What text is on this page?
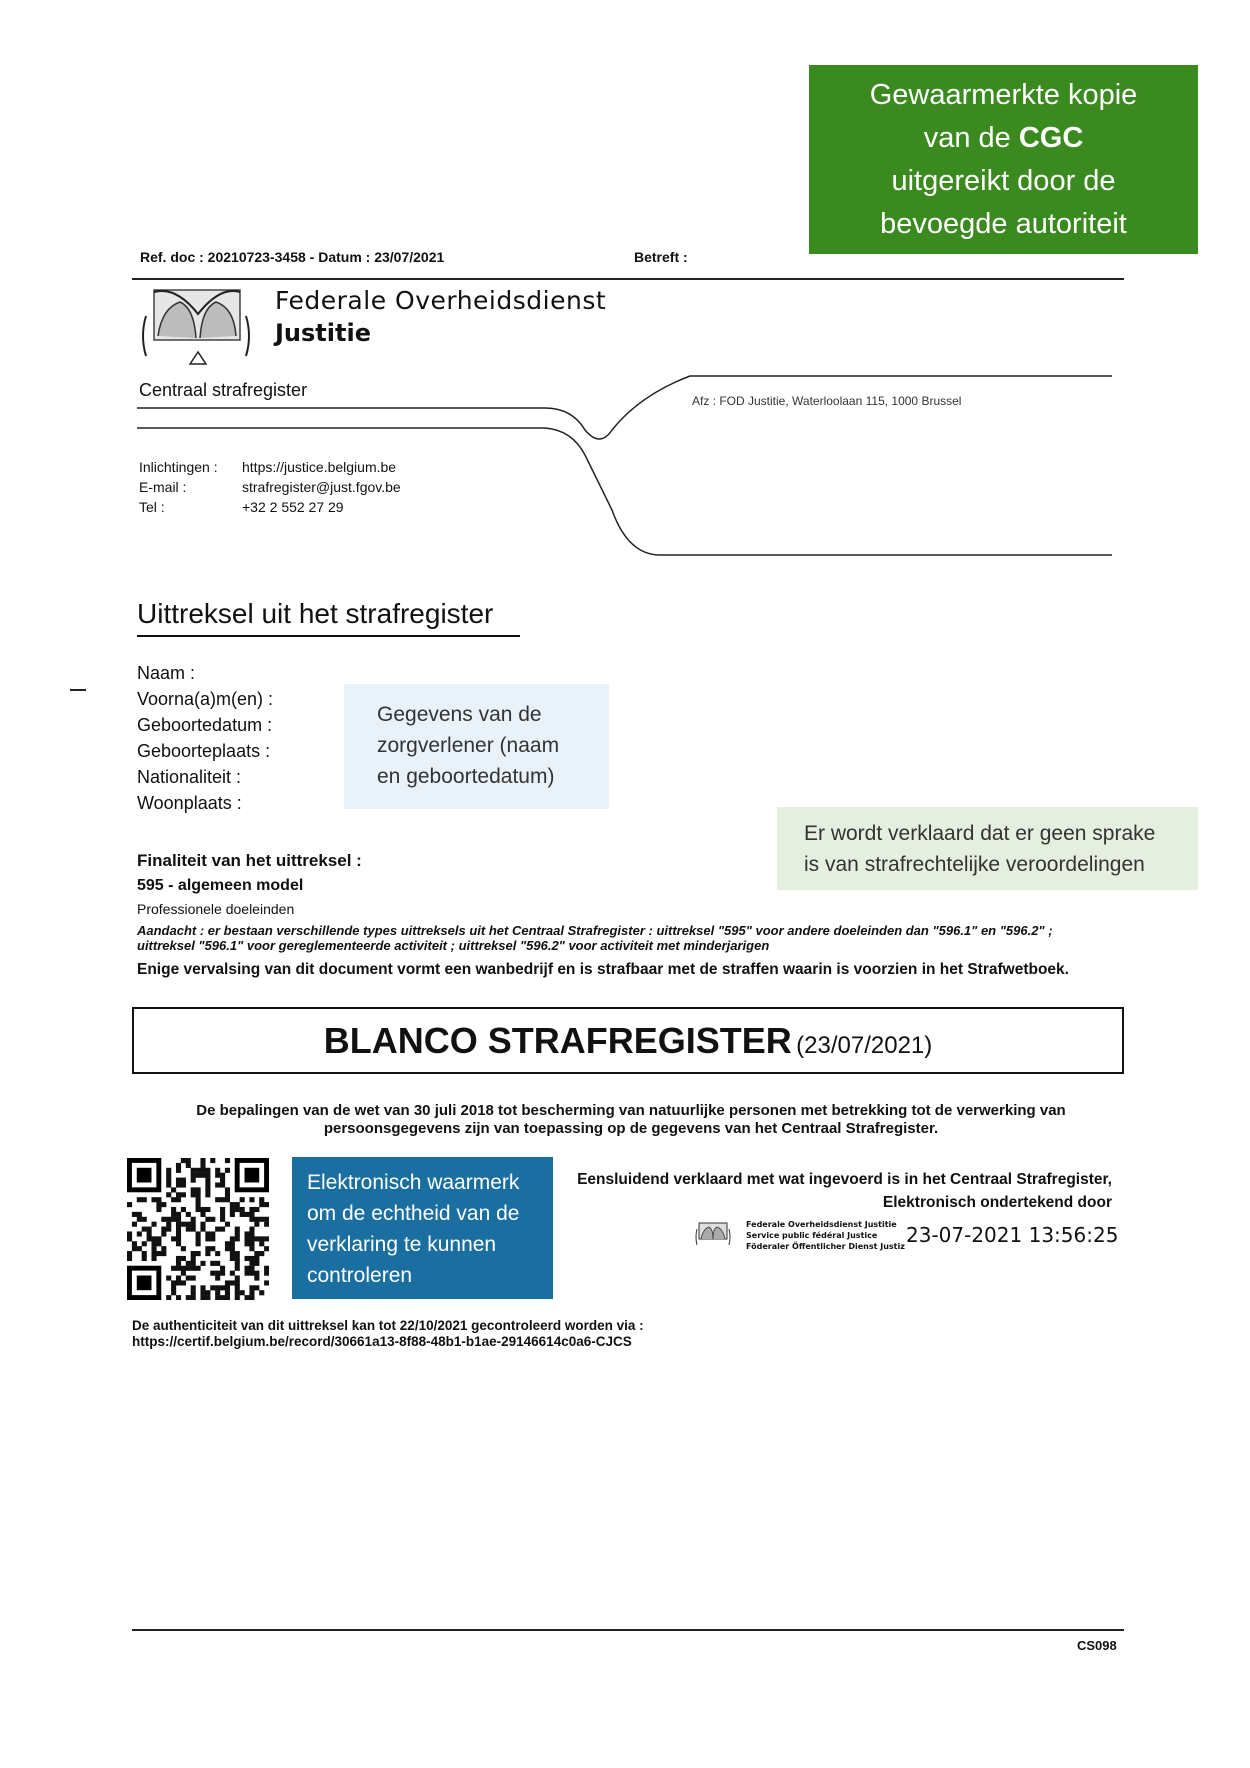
Gewaarmerkte kopie
van de CGC
uitgereikt door de
bevoegde autoriteit
Ref. doc : 20210723-3458 - Datum : 23/07/2021	Betreft :
Federale Overheidsdienst
Justitie
Centraal strafregister
Afz : FOD Justitie, Waterloolaan 115, 1000 Brussel
Inlichtingen : https://justice.belgium.be
E-mail :	strafregister@just.fgov.be
Tel :	+32 2 552 27 29
Uittreksel uit het strafregister
Naam :
Voorna(a)m(en) :
Geboortedatum :
Geboorteplaats :
Nationaliteit :
Woonplaats :
Gegevens van de
zorgverlener (naam
en geboortedatum)
Er wordt verklaard dat er geen sprake
is van strafrechtelijke veroordelingen
Finaliteit van het uittreksel :
595 - algemeen model
Professionele doeleinden
Aandacht : er bestaan verschillende types uittreksels uit het Centraal Strafregister : uittreksel "595" voor andere doeleinden dan "596.1" en "596.2" ;
uittreksel "596.1" voor gereglementeerde activiteit ; uittreksel "596.2" voor activiteit met minderjarigen
Enige vervalsing van dit document vormt een wanbedrijf en is strafbaar met de straffen waarin is voorzien in het Strafwetboek.
BLANCO STRAFREGISTER (23/07/2021)
De bepalingen van de wet van 30 juli 2018 tot bescherming van natuurlijke personen met betrekking tot de verwerking van
persoonsgegevens zijn van toepassing op de gegevens van het Centraal Strafregister.
Elektronisch waarmerk
om de echtheid van de
verklaring te kunnen
controleren
Eensluidend verklaard met wat ingevoerd is in het Centraal Strafregister,
Elektronisch ondertekend door
Federale Overheidsdienst Justitie
Service public fédéral Justice
Föderaler Öffentlicher Dienst Justiz 23-07-2021 13:56:25
De authenticiteit van dit uittreksel kan tot 22/10/2021 gecontroleerd worden via :
https://certif.belgium.be/record/30661a13-8f88-48b1-b1ae-29146614c0a6-CJCS
CS098
